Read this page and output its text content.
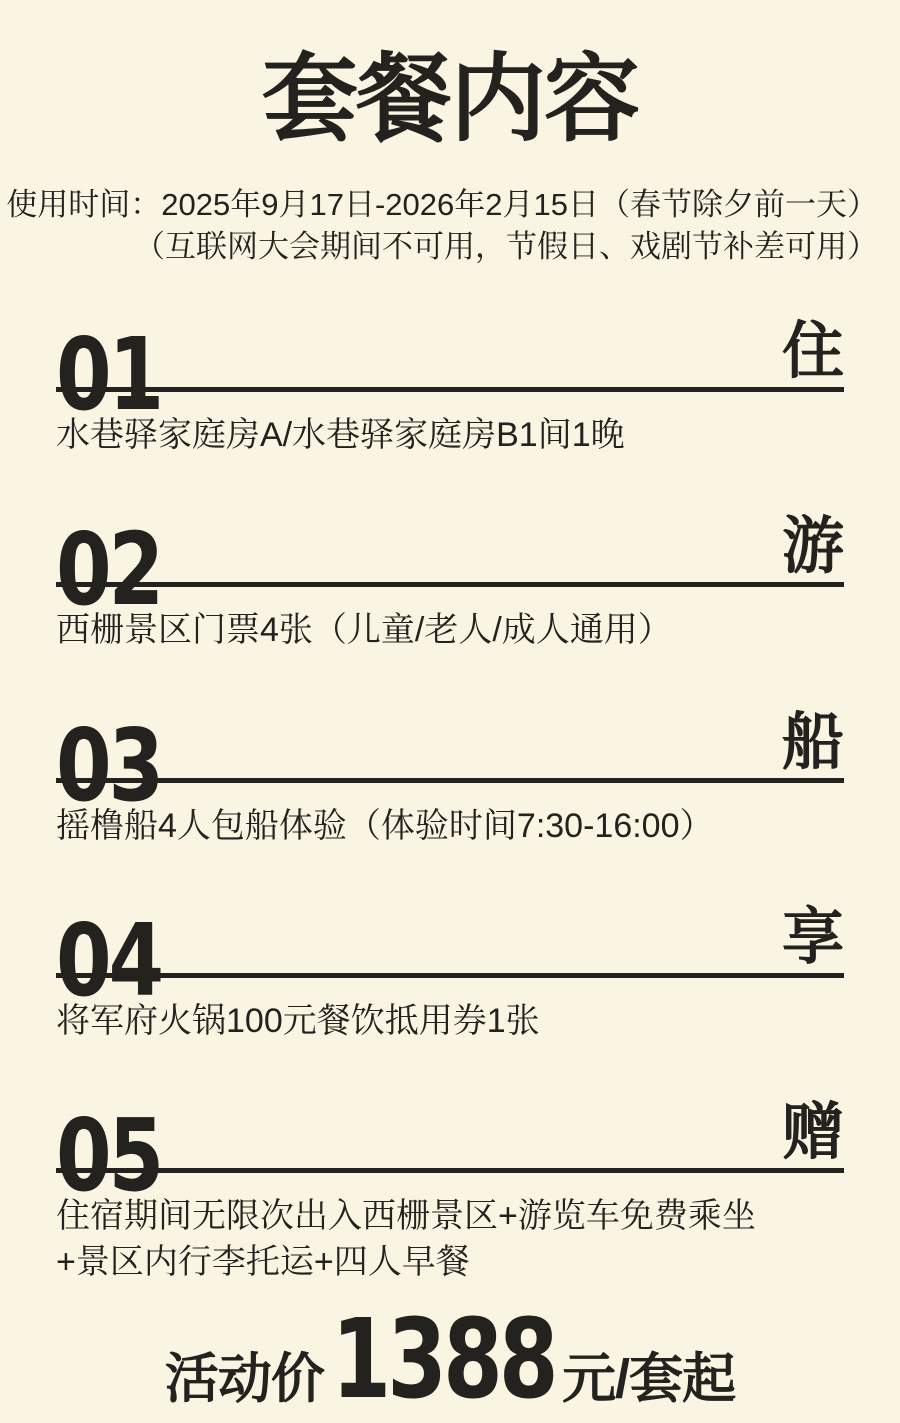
套餐内容
使用时间：2025年9月17日-2026年2月15日（春节除夕前一天）
（互联网大会期间不可用，节假日、戏剧节补差可用）
01	住

水巷驿家庭房A/水巷驿家庭房B1间1晚

02	游

西栅景区门票4张（儿童/老人/成人通用）

03	船

摇橹船4人包船体验（体验时间7:30-16:00）

04	享

将军府火锅100元餐饮抵用券1张

05	赠

住宿期间无限次出入西栅景区+游览车免费乘坐+景区内行李托运+四人早餐

活动价1388 元/套起
